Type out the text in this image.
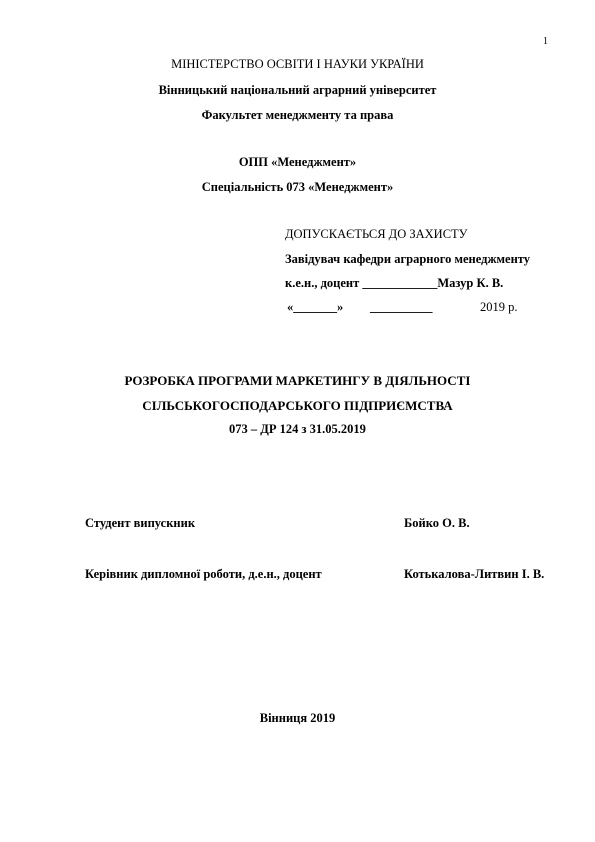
1
МІНІСТЕРСТВО ОСВІТИ І НАУКИ УКРАЇНИ
Вінницький національний аграрний університет
Факультет менеджменту та права
ОПП «Менеджмент»
Спеціальність 073 «Менеджмент»
ДОПУСКАЄТЬСЯ ДО ЗАХИСТУ
Завідувач кафедри аграрного менеджменту
к.е.н., доцент ____________Мазур К. В.
«_______» __________	2019 р.
РОЗРОБКА ПРОГРАМИ МАРКЕТИНГУ В ДІЯЛЬНОСТІ
СІЛЬСЬКОГОСПОДАРСЬКОГО ПІДПРИЄМСТВА
073 – ДР 124 з 31.05.2019
Студент випускник	Бойко О. В.
Керівник дипломної роботи, д.е.н., доцент	Котькалова-Литвин І. В.
Вінниця 2019
